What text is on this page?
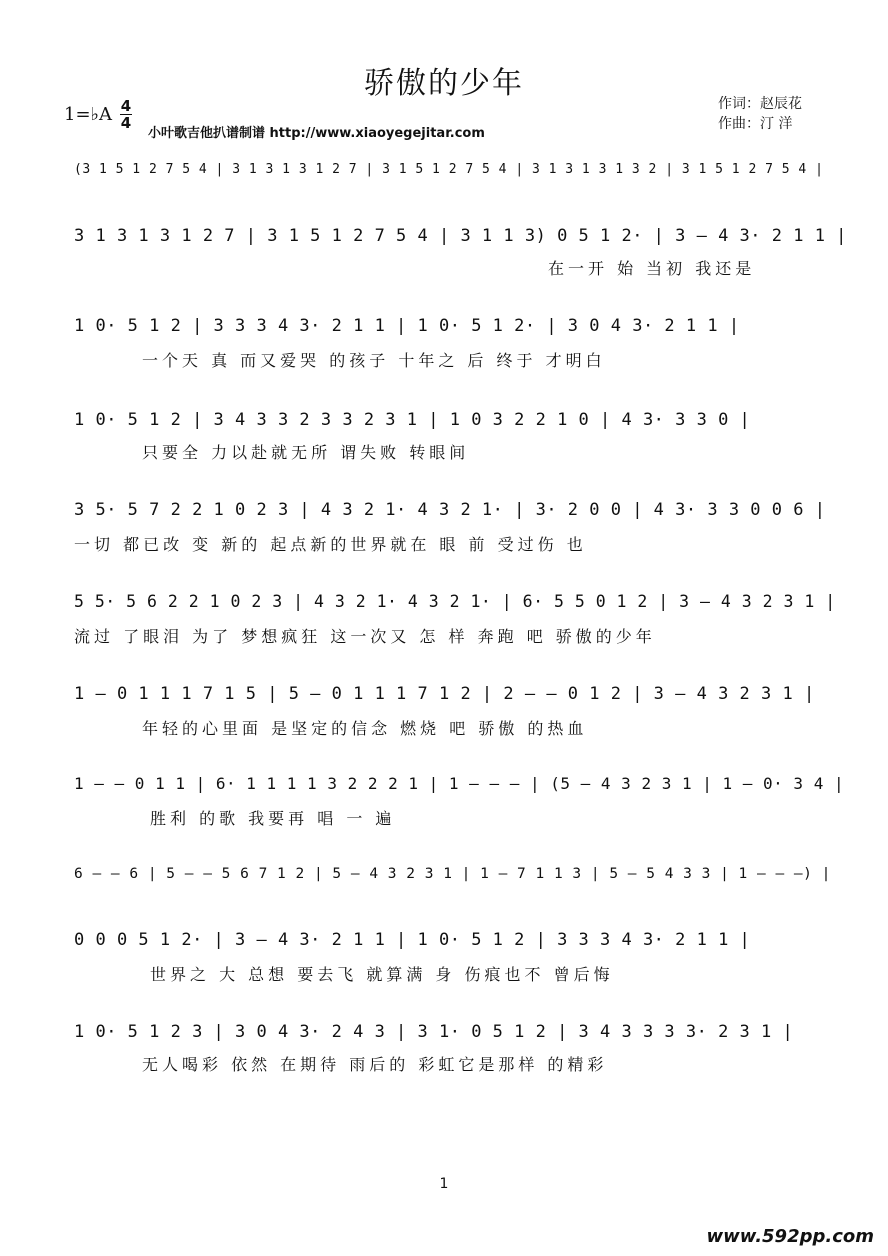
骄傲的少年
1=♭A 4
4
小叶歌吉他扒谱制谱 http://www.xiaoyegejitar.com
作词：赵辰花
作曲：汀 洋
(3 1 5 1 2 7 5 4 | 3 1 3 1 3 1 2 7 | 3 1 5 1 2 7 5 4 | 3 1 3 1 3 1 3 2 | 3 1 5 1 2 7 5 4 |
3 1 3 1 3 1 2 7 | 3 1 5 1 2 7 5 4 | 3 1 1 3) 0 5 1 2· | 3 – 4 3· 2 1 1 |
在一开 始 当初 我还是
1 0· 5 1 2 | 3 3 3 4 3· 2 1 1 | 1 0· 5 1 2· | 3 0 4 3· 2 1 1 |
一个天 真 而又爱哭 的孩子 十年之 后 终于 才明白
1 0· 5 1 2 | 3 4 3 3 2 3 3 2 3 1 | 1 0 3 2 2 1 0 | 4 3· 3 3 0 |
只要全 力以赴就无所 谓失败 转眼间
3 5· 5 7 2 2 1 0 2 3 | 4 3 2 1· 4 3 2 1· | 3· 2 0 0 | 4 3· 3 3 0 0 6 |
一切 都已改 变 新的 起点新的世界就在 眼 前 受过伤 也
5 5· 5 6 2 2 1 0 2 3 | 4 3 2 1· 4 3 2 1· | 6· 5 5 0 1 2 | 3 – 4 3 2 3 1 |
流过 了眼泪 为了 梦想疯狂 这一次又 怎 样 奔跑 吧 骄傲的少年
1 – 0 1 1 1 7 1 5 | 5 – 0 1 1 1 7 1 2 | 2 – – 0 1 2 | 3 – 4 3 2 3 1 |
年轻的心里面 是坚定的信念 燃烧 吧 骄傲 的热血
1 – – 0 1 1 | 6· 1 1 1 1 3 2 2 2 1 | 1 – – – | (5 – 4 3 2 3 1 | 1 – 0· 3 4 |
胜利 的歌 我要再 唱 一 遍
6 – – 6 | 5 – – 5 6 7 1 2 | 5 – 4 3 2 3 1 | 1 – 7 1 1 3 | 5 – 5 4 3 3 | 1 – – –) |
0 0 0 5 1 2· | 3 – 4 3· 2 1 1 | 1 0· 5 1 2 | 3 3 3 4 3· 2 1 1 |
世界之 大 总想 要去飞 就算满 身 伤痕也不 曾后悔
1 0· 5 1 2 3 | 3 0 4 3· 2 4 3 | 3 1· 0 5 1 2 | 3 4 3 3 3 3· 2 3 1 |
无人喝彩 依然 在期待 雨后的 彩虹它是那样 的精彩
1
www.592pp.com
